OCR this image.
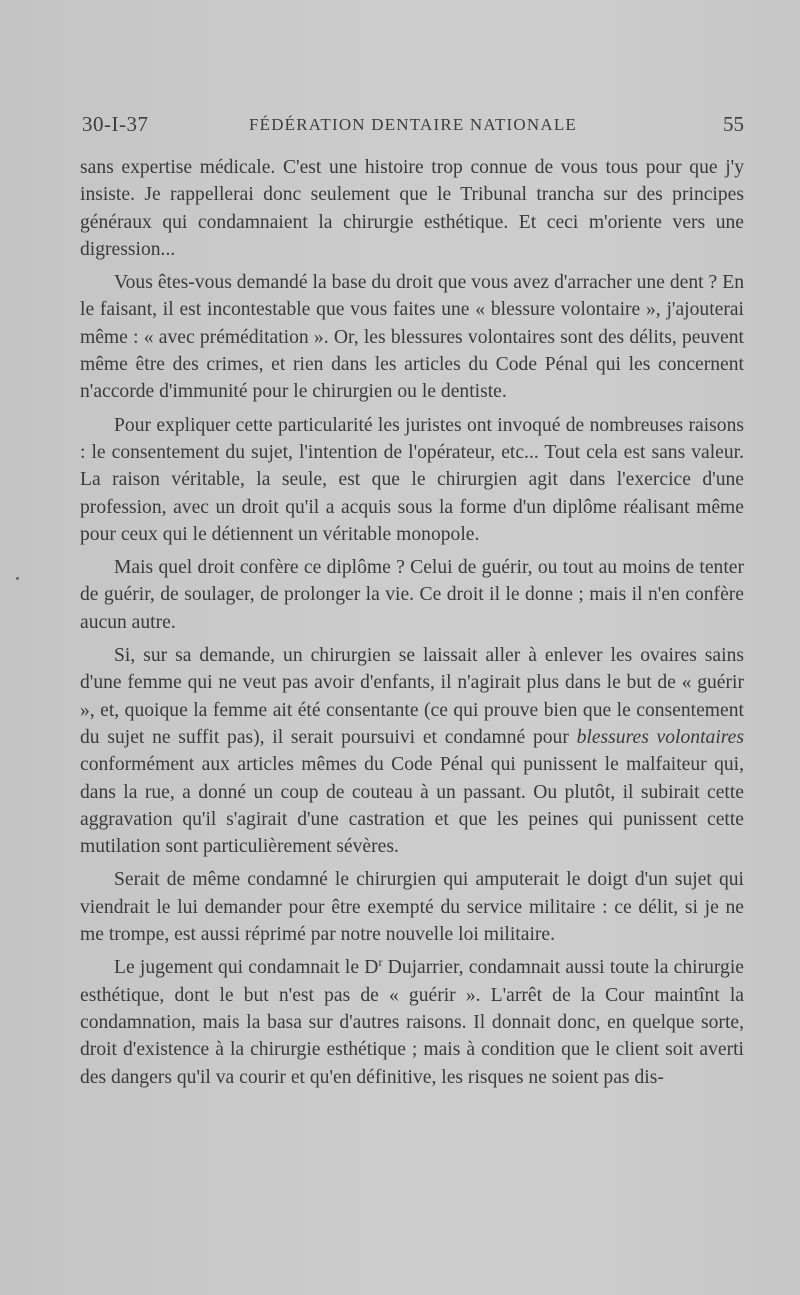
30-I-37	FÉDÉRATION DENTAIRE NATIONALE	55

sans expertise médicale. C'est une histoire trop connue de vous tous pour que j'y insiste. Je rappellerai donc seulement que le Tribunal trancha sur des principes généraux qui condamnaient la chirurgie esthétique. Et ceci m'oriente vers une digression...

Vous êtes-vous demandé la base du droit que vous avez d'arracher une dent ? En le faisant, il est incontestable que vous faites une « blessure volontaire », j'ajouterai même : « avec préméditation ». Or, les blessures volontaires sont des délits, peuvent même être des crimes, et rien dans les articles du Code Pénal qui les concernent n'accorde d'immunité pour le chirurgien ou le dentiste.

Pour expliquer cette particularité les juristes ont invoqué de nombreuses raisons : le consentement du sujet, l'intention de l'opérateur, etc... Tout cela est sans valeur. La raison véritable, la seule, est que le chirurgien agit dans l'exercice d'une profession, avec un droit qu'il a acquis sous la forme d'un diplôme réalisant même pour ceux qui le détiennent un véritable monopole.

Mais quel droit confère ce diplôme ? Celui de guérir, ou tout au moins de tenter de guérir, de soulager, de prolonger la vie. Ce droit il le donne ; mais il n'en confère aucun autre.

Si, sur sa demande, un chirurgien se laissait aller à enlever les ovaires sains d'une femme qui ne veut pas avoir d'enfants, il n'agirait plus dans le but de « guérir », et, quoique la femme ait été consentante (ce qui prouve bien que le consentement du sujet ne suffit pas), il serait poursuivi et condamné pour blessures volontaires conformément aux articles mêmes du Code Pénal qui punissent le malfaiteur qui, dans la rue, a donné un coup de couteau à un passant. Ou plutôt, il subirait cette aggravation qu'il s'agirait d'une castration et que les peines qui punissent cette mutilation sont particulièrement sévères.

Serait de même condamné le chirurgien qui amputerait le doigt d'un sujet qui viendrait le lui demander pour être exempté du service militaire : ce délit, si je ne me trompe, est aussi réprimé par notre nouvelle loi militaire.

Le jugement qui condamnait le $D^r$ Dujarrier, condamnait aussi toute la chirurgie esthétique, dont le but n'est pas de « guérir ». L'arrêt de la Cour maintînt la condamnation, mais la basa sur d'autres raisons. Il donnait donc, en quelque sorte, droit d'existence à la chirurgie esthétique ; mais à condition que le client soit averti des dangers qu'il va courir et qu'en définitive, les risques ne soient pas dis-
